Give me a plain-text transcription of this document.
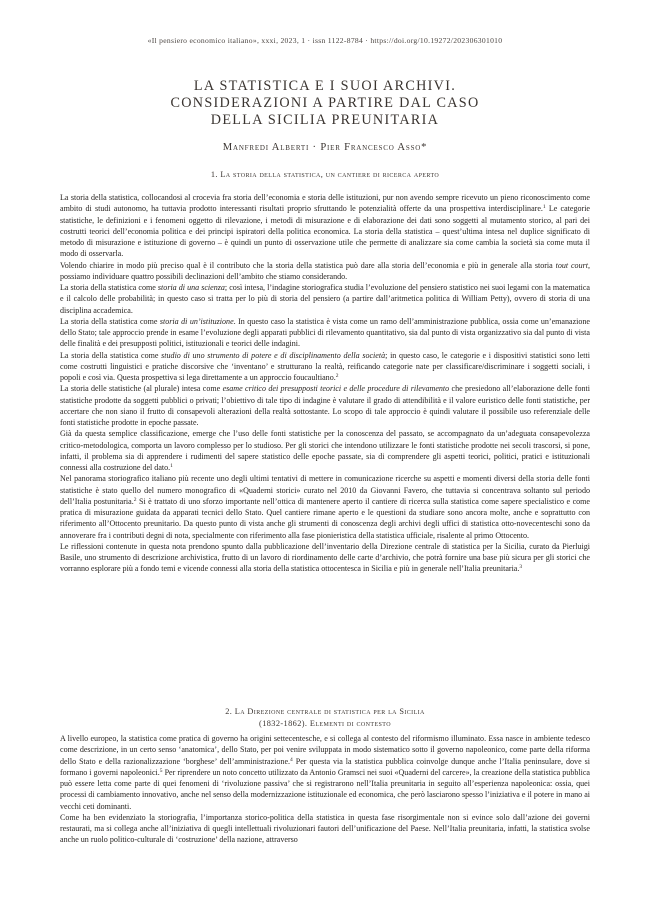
«Il pensiero economico italiano», xxxi, 2023, 1 · issn 1122-8784 · https://doi.org/10.19272/202306301010
LA STATISTICA E I SUOI ARCHIVI.
CONSIDERAZIONI A PARTIRE DAL CASO
DELLA SICILIA PREUNITARIA
Manfredi Alberti · Pier Francesco Asso*
1. La storia della statistica, un cantiere di ricerca aperto

La storia della statistica, collocandosi al crocevia fra storia dell’economia e storia delle istituzioni, pur non avendo sempre ricevuto un pieno riconoscimento come ambito di studi autonomo, ha tuttavia prodotto interessanti risultati proprio sfruttando le potenzialità offerte da una prospettiva interdisciplinare.$^1$ Le categorie statistiche, le definizioni e i fenomeni oggetto di rilevazione, i metodi di misurazione e di elaborazione dei dati sono soggetti al mutamento storico, al pari dei costrutti teorici dell’economia politica e dei principi ispiratori della politica economica. La storia della statistica – quest’ultima intesa nel duplice significato di metodo di misurazione e istituzione di governo – è quindi un punto di osservazione utile che permette di analizzare sia come cambia la società sia come muta il modo di osservarla.

Volendo chiarire in modo più preciso qual è il contributo che la storia della statistica può dare alla storia dell’economia e più in generale alla storia tout court, possiamo individuare quattro possibili declinazioni dell’ambito che stiamo considerando.

La storia della statistica come storia di una scienza; così intesa, l’indagine storiografica studia l’evoluzione del pensiero statistico nei suoi legami con la matematica e il calcolo delle probabilità; in questo caso si tratta per lo più di storia del pensiero (a partire dall’aritmetica politica di William Petty), ovvero di storia di una disciplina accademica.

La storia della statistica come storia di un’istituzione. In questo caso la statistica è vista come un ramo dell’amministrazione pubblica, ossia come un’emanazione dello Stato; tale approccio prende in esame l’evoluzione degli apparati pubblici di rilevamento quantitativo, sia dal punto di vista organizzativo sia dal punto di vista delle finalità e dei presupposti politici, istituzionali e teorici delle indagini.

La storia della statistica come studio di uno strumento di potere e di disciplinamento della società; in questo caso, le categorie e i dispositivi statistici sono letti come costrutti linguistici e pratiche discorsive che ‘inventano’ e strutturano la realtà, reificando categorie nate per classificare/discriminare i soggetti sociali, i popoli e così via. Questa prospettiva si lega direttamente a un approccio foucaultiano.$^2$

La storia delle statistiche (al plurale) intesa come esame critico dei presupposti teorici e delle procedure di rilevamento che presiedono all’elaborazione delle fonti statistiche prodotte da soggetti pubblici o privati; l’obiettivo di tale tipo di indagine è valutare il grado di attendibilità e il valore euristico delle fonti statistiche, per accertare che non siano il frutto di consapevoli alterazioni della realtà sottostante. Lo scopo di tale approccio è quindi valutare il possibile uso referenziale delle fonti statistiche prodotte in epoche passate.

Già da questa semplice classificazione, emerge che l’uso delle fonti statistiche per la conoscenza del passato, se accompagnato da un’adeguata consapevolezza critico-metodologica, comporta un lavoro complesso per lo studioso. Per gli storici che intendono utilizzare le fonti statistiche prodotte nei secoli trascorsi, si pone, infatti, il problema sia di apprendere i rudimenti del sapere statistico delle epoche passate, sia di comprendere gli aspetti teorici, politici, pratici e istituzionali connessi alla costruzione del dato.$^1$

Nel panorama storiografico italiano più recente uno degli ultimi tentativi di mettere in comunicazione ricerche su aspetti e momenti diversi della storia delle fonti statistiche è stato quello del numero monografico di «Quaderni storici» curato nel 2010 da Giovanni Favero, che tuttavia si concentrava soltanto sul periodo dell’Italia postunitaria.$^2$ Si è trattato di uno sforzo importante nell’ottica di mantenere aperto il cantiere di ricerca sulla statistica come sapere specialistico e come pratica di misurazione guidata da apparati tecnici dello Stato. Quel cantiere rimane aperto e le questioni da studiare sono ancora molte, anche e soprattutto con riferimento all’Ottocento preunitario. Da questo punto di vista anche gli strumenti di conoscenza degli archivi degli uffici di statistica otto-novecenteschi sono da annoverare fra i contributi degni di nota, specialmente con riferimento alla fase pionieristica della statistica ufficiale, risalente al primo Ottocento.

Le riflessioni contenute in questa nota prendono spunto dalla pubblicazione dell’inventario della Direzione centrale di statistica per la Sicilia, curato da Pierluigi Basile, uno strumento di descrizione archivistica, frutto di un lavoro di riordinamento delle carte d’archivio, che potrà fornire una base più sicura per gli storici che vorranno esplorare più a fondo temi e vicende connessi alla storia della statistica ottocentesca in Sicilia e più in generale nell’Italia preunitaria.$^3$

2. La Direzione centrale di statistica per la Sicilia
(1832-1862). Elementi di contesto

A livello europeo, la statistica come pratica di governo ha origini settecentesche, e si collega al contesto del riformismo illuminato. Essa nasce in ambiente tedesco come descrizione, in un certo senso ‘anatomica’, dello Stato, per poi venire sviluppata in modo sistematico sotto il governo napoleonico, come parte della riforma dello Stato e della razionalizzazione ‘borghese’ dell’amministrazione.$^4$ Per questa via la statistica pubblica coinvolge dunque anche l’Italia peninsulare, dove si formano i governi napoleonici.$^5$ Per riprendere un noto concetto utilizzato da Antonio Gramsci nei suoi «Quaderni del carcere», la creazione della statistica pubblica può essere letta come parte di quei fenomeni di ‘rivoluzione passiva’ che si registrarono nell’Italia preunitaria in seguito all’esperienza napoleonica: ossia, quei processi di cambiamento innovativo, anche nel senso della modernizzazione istituzionale ed economica, che però lasciarono spesso l’iniziativa e il potere in mano ai vecchi ceti dominanti.

Come ha ben evidenziato la storiografia, l’importanza storico-politica della statistica in questa fase risorgimentale non si evince solo dall’azione dei governi restaurati, ma si collega anche all’iniziativa di quegli intellettuali rivoluzionari fautori dell’unificazione del Paese. Nell’Italia preunitaria, infatti, la statistica svolse anche un ruolo politico-culturale di ‘costruzione’ della nazione, attraverso
